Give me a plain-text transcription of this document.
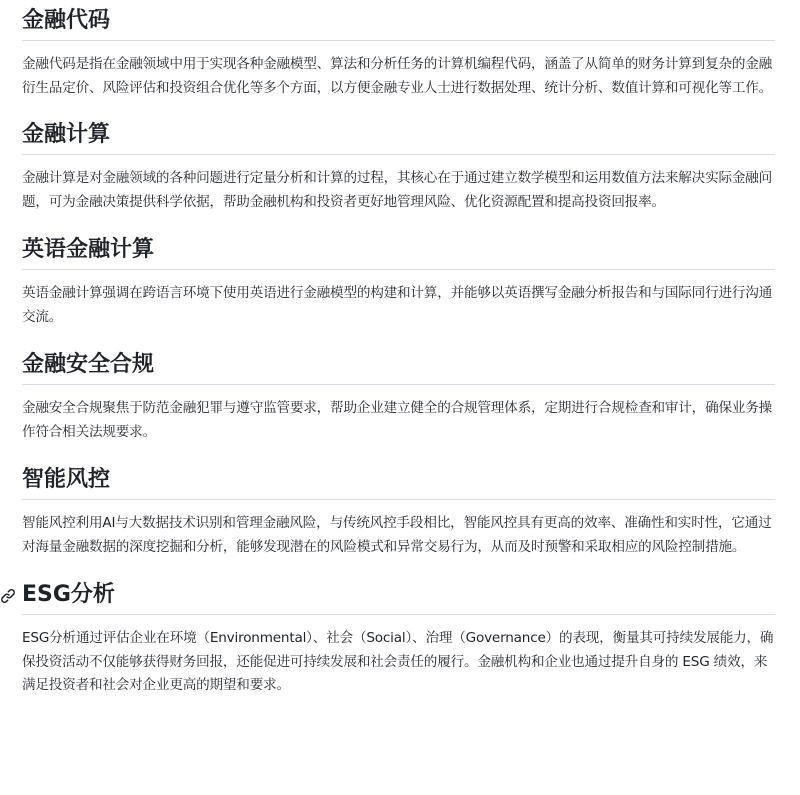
金融代码

金融代码是指在金融领域中用于实现各种金融模型、算法和分析任务的计算机编程代码，涵盖了从简单的财务计算到复杂的金融衍生品定价、风险评估和投资组合优化等多个方面，以方便金融专业人士进行数据处理、统计分析、数值计算和可视化等工作。

金融计算

金融计算是对金融领域的各种问题进行定量分析和计算的过程，其核心在于通过建立数学模型和运用数值方法来解决实际金融问题，可为金融决策提供科学依据，帮助金融机构和投资者更好地管理风险、优化资源配置和提高投资回报率。

英语金融计算

英语金融计算强调在跨语言环境下使用英语进行金融模型的构建和计算，并能够以英语撰写金融分析报告和与国际同行进行沟通交流。

金融安全合规

金融安全合规聚焦于防范金融犯罪与遵守监管要求，帮助企业建立健全的合规管理体系，定期进行合规检查和审计，确保业务操作符合相关法规要求。

智能风控

智能风控利用AI与大数据技术识别和管理金融风险，与传统风控手段相比，智能风控具有更高的效率、准确性和实时性，它通过对海量金融数据的深度挖掘和分析，能够发现潜在的风险模式和异常交易行为，从而及时预警和采取相应的风险控制措施。

ESG分析

ESG分析通过评估企业在环境（Environmental）、社会（Social）、治理（Governance）的表现，衡量其可持续发展能力，确保投资活动不仅能够获得财务回报，还能促进可持续发展和社会责任的履行。金融机构和企业也通过提升自身的 ESG 绩效，来满足投资者和社会对企业更高的期望和要求。
